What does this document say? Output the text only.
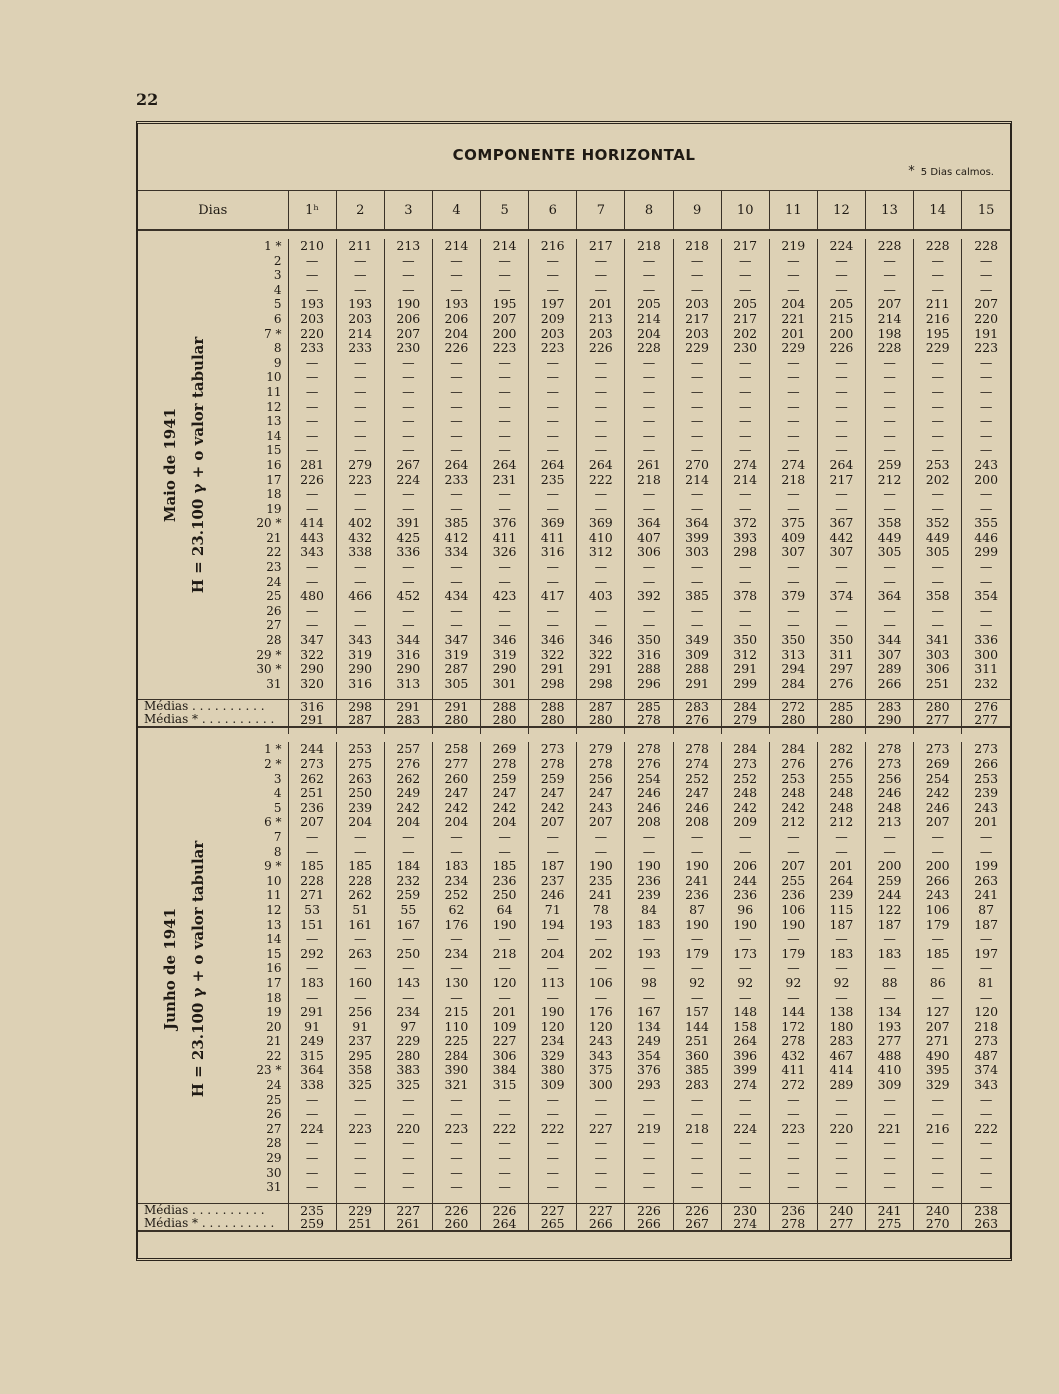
22
COMPONENTE HORIZONTAL
* 5 Dias calmos.
Dias		1ʰ	2	3	4	5	6	7	8	9	10	11	12	13	14	15

Maio de 1941 H = 23.100 γ + o valor tabular	1 *	210	211	213	214	214	216	217	218	218	217	219	224	228	228	228
	2	—	—	—	—	—	—	—	—	—	—	—	—	—	—	—
	3	—	—	—	—	—	—	—	—	—	—	—	—	—	—	—
	4	—	—	—	—	—	—	—	—	—	—	—	—	—	—	—
	5	193	193	190	193	195	197	201	205	203	205	204	205	207	211	207
	6	203	203	206	206	207	209	213	214	217	217	221	215	214	216	220
	7 *	220	214	207	204	200	203	203	204	203	202	201	200	198	195	191
	8	233	233	230	226	223	223	226	228	229	230	229	226	228	229	223
	9	—	—	—	—	—	—	—	—	—	—	—	—	—	—	—
	10	—	—	—	—	—	—	—	—	—	—	—	—	—	—	—
	11	—	—	—	—	—	—	—	—	—	—	—	—	—	—	—
	12	—	—	—	—	—	—	—	—	—	—	—	—	—	—	—
	13	—	—	—	—	—	—	—	—	—	—	—	—	—	—	—
	14	—	—	—	—	—	—	—	—	—	—	—	—	—	—	—
	15	—	—	—	—	—	—	—	—	—	—	—	—	—	—	—
	16	281	279	267	264	264	264	264	261	270	274	274	264	259	253	243
	17	226	223	224	233	231	235	222	218	214	214	218	217	212	202	200
	18	—	—	—	—	—	—	—	—	—	—	—	—	—	—	—
	19	—	—	—	—	—	—	—	—	—	—	—	—	—	—	—
	20 *	414	402	391	385	376	369	369	364	364	372	375	367	358	352	355
	21	443	432	425	412	411	411	410	407	399	393	409	442	449	449	446
	22	343	338	336	334	326	316	312	306	303	298	307	307	305	305	299
	23	—	—	—	—	—	—	—	—	—	—	—	—	—	—	—
	24	—	—	—	—	—	—	—	—	—	—	—	—	—	—	—
	25	480	466	452	434	423	417	403	392	385	378	379	374	364	358	354
	26	—	—	—	—	—	—	—	—	—	—	—	—	—	—	—
	27	—	—	—	—	—	—	—	—	—	—	—	—	—	—	—
	28	347	343	344	347	346	346	346	350	349	350	350	350	344	341	336
	29 *	322	319	316	319	319	322	322	316	309	312	313	311	307	303	300
	30 *	290	290	290	287	290	291	291	288	288	291	294	297	289	306	311
	31	320	316	313	305	301	298	298	296	291	299	284	276	266	251	232

Médias . . . . . . . . . .		316	298	291	291	288	288	287	285	283	284	272	285	283	280	276
Médias * . . . . . . . . . .		291	287	283	280	280	280	280	278	276	279	280	280	290	277	277

Junho de 1941 H = 23.100 γ + o valor tabular	1 *	244	253	257	258	269	273	279	278	278	284	284	282	278	273	273
	2 *	273	275	276	277	278	278	278	276	274	273	276	276	273	269	266
	3	262	263	262	260	259	259	256	254	252	252	253	255	256	254	253
	4	251	250	249	247	247	247	247	246	247	248	248	248	246	242	239
	5	236	239	242	242	242	242	243	246	246	242	242	248	248	246	243
	6 *	207	204	204	204	204	207	207	208	208	209	212	212	213	207	201
	7	—	—	—	—	—	—	—	—	—	—	—	—	—	—	—
	8	—	—	—	—	—	—	—	—	—	—	—	—	—	—	—
	9 *	185	185	184	183	185	187	190	190	190	206	207	201	200	200	199
	10	228	228	232	234	236	237	235	236	241	244	255	264	259	266	263
	11	271	262	259	252	250	246	241	239	236	236	236	239	244	243	241
	12	53	51	55	62	64	71	78	84	87	96	106	115	122	106	87
	13	151	161	167	176	190	194	193	183	190	190	190	187	187	179	187
	14	—	—	—	—	—	—	—	—	—	—	—	—	—	—	—
	15	292	263	250	234	218	204	202	193	179	173	179	183	183	185	197
	16	—	—	—	—	—	—	—	—	—	—	—	—	—	—	—
	17	183	160	143	130	120	113	106	98	92	92	92	92	88	86	81
	18	—	—	—	—	—	—	—	—	—	—	—	—	—	—	—
	19	291	256	234	215	201	190	176	167	157	148	144	138	134	127	120
	20	91	91	97	110	109	120	120	134	144	158	172	180	193	207	218
	21	249	237	229	225	227	234	243	249	251	264	278	283	277	271	273
	22	315	295	280	284	306	329	343	354	360	396	432	467	488	490	487
	23 *	364	358	383	390	384	380	375	376	385	399	411	414	410	395	374
	24	338	325	325	321	315	309	300	293	283	274	272	289	309	329	343
	25	—	—	—	—	—	—	—	—	—	—	—	—	—	—	—
	26	—	—	—	—	—	—	—	—	—	—	—	—	—	—	—
	27	224	223	220	223	222	222	227	219	218	224	223	220	221	216	222
	28	—	—	—	—	—	—	—	—	—	—	—	—	—	—	—
	29	—	—	—	—	—	—	—	—	—	—	—	—	—	—	—
	30	—	—	—	—	—	—	—	—	—	—	—	—	—	—	—
	31	—	—	—	—	—	—	—	—	—	—	—	—	—	—	—

Médias . . . . . . . . . .		235	229	227	226	226	227	227	226	226	230	236	240	241	240	238
Médias * . . . . . . . . . .		259	251	261	260	264	265	266	266	267	274	278	277	275	270	263
